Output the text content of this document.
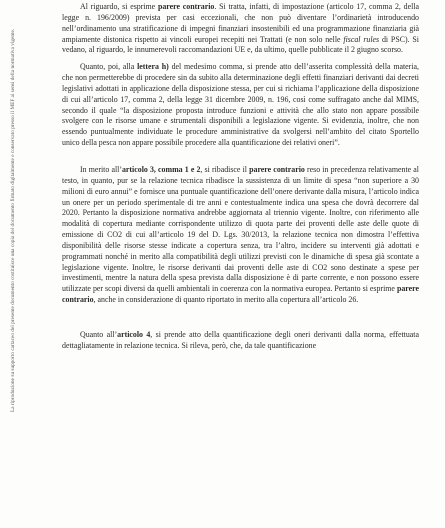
La riproduzione su supporto cartaceo del presente documento costituisce una copia del documento firmato digitalmente e conservato presso il MEF ai sensi della normativa vigente.

Al riguardo, si esprime parere contrario. Si tratta, infatti, di impostazione (articolo 17, comma 2, della legge n. 196/2009) prevista per casi eccezionali, che non può diventare l’ordinarietà introducendo nell’ordinamento una stratificazione di impegni finanziari insostenibili ed una programmazione finanziaria già ampiamente distonica rispetto ai vincoli europei recepiti nei Trattati (e non solo nelle fiscal rules di PSC). Si vedano, al riguardo, le innumerevoli raccomandazioni UE e, da ultimo, quelle pubblicate il 2 giugno scorso.

Quanto, poi, alla lettera h) del medesimo comma, si prende atto dell’asserita complessità della materia, che non permetterebbe di procedere sin da subito alla determinazione degli effetti finanziari derivanti dai decreti legislativi adottati in applicazione della disposizione stessa, per cui si richiama l’applicazione della disposizione di cui all’articolo 17, comma 2, della legge 31 dicembre 2009, n. 196, così come suffragato anche dal MIMS, secondo il quale “la disposizione proposta introduce funzioni e attività che allo stato non appare possibile svolgere con le risorse umane e strumentali disponibili a legislazione vigente. Si evidenzia, inoltre, che non essendo puntualmente individuate le procedure amministrative da svolgersi nell’ambito del citato Sportello unico della pesca non appare possibile procedere alla quantificazione dei relativi oneri”.

In merito all’articolo 3, comma 1 e 2, si ribadisce il parere contrario reso in precedenza relativamente al testo, in quanto, pur se la relazione tecnica ribadisce la sussistenza di un limite di spesa “non superiore a 30 milioni di euro annui” e fornisce una puntuale quantificazione dell’onere derivante dalla misura, l’articolo indica un onere per un periodo sperimentale di tre anni e contestualmente indica una spesa che dovrà decorrere dal 2020. Pertanto la disposizione normativa andrebbe aggiornata al triennio vigente. Inoltre, con riferimento alle modalità di copertura mediante corrispondente utilizzo di quota parte dei proventi delle aste delle quote di emissione di CO2 di cui all’articolo 19 del D. Lgs. 30/2013, la relazione tecnica non dimostra l’effettiva disponibilità delle risorse stesse indicate a copertura senza, tra l’altro, incidere su interventi già adottati e programmati nonché in merito alla compatibilità degli utilizzi previsti con le dinamiche di spesa già scontate a legislazione vigente. Inoltre, le risorse derivanti dai proventi delle aste di CO2 sono destinate a spese per investimenti, mentre la natura della spesa prevista dalla disposizione è di parte corrente, e non possono essere utilizzate per scopi diversi da quelli ambientali in coerenza con la normativa europea. Pertanto si esprime parere contrario, anche in considerazione di quanto riportato in merito alla copertura all’articolo 26.

Quanto all’articolo 4, si prende atto della quantificazione degli oneri derivanti dalla norma, effettuata dettagliatamente in relazione tecnica. Si rileva, però, che, da tale quantificazione
